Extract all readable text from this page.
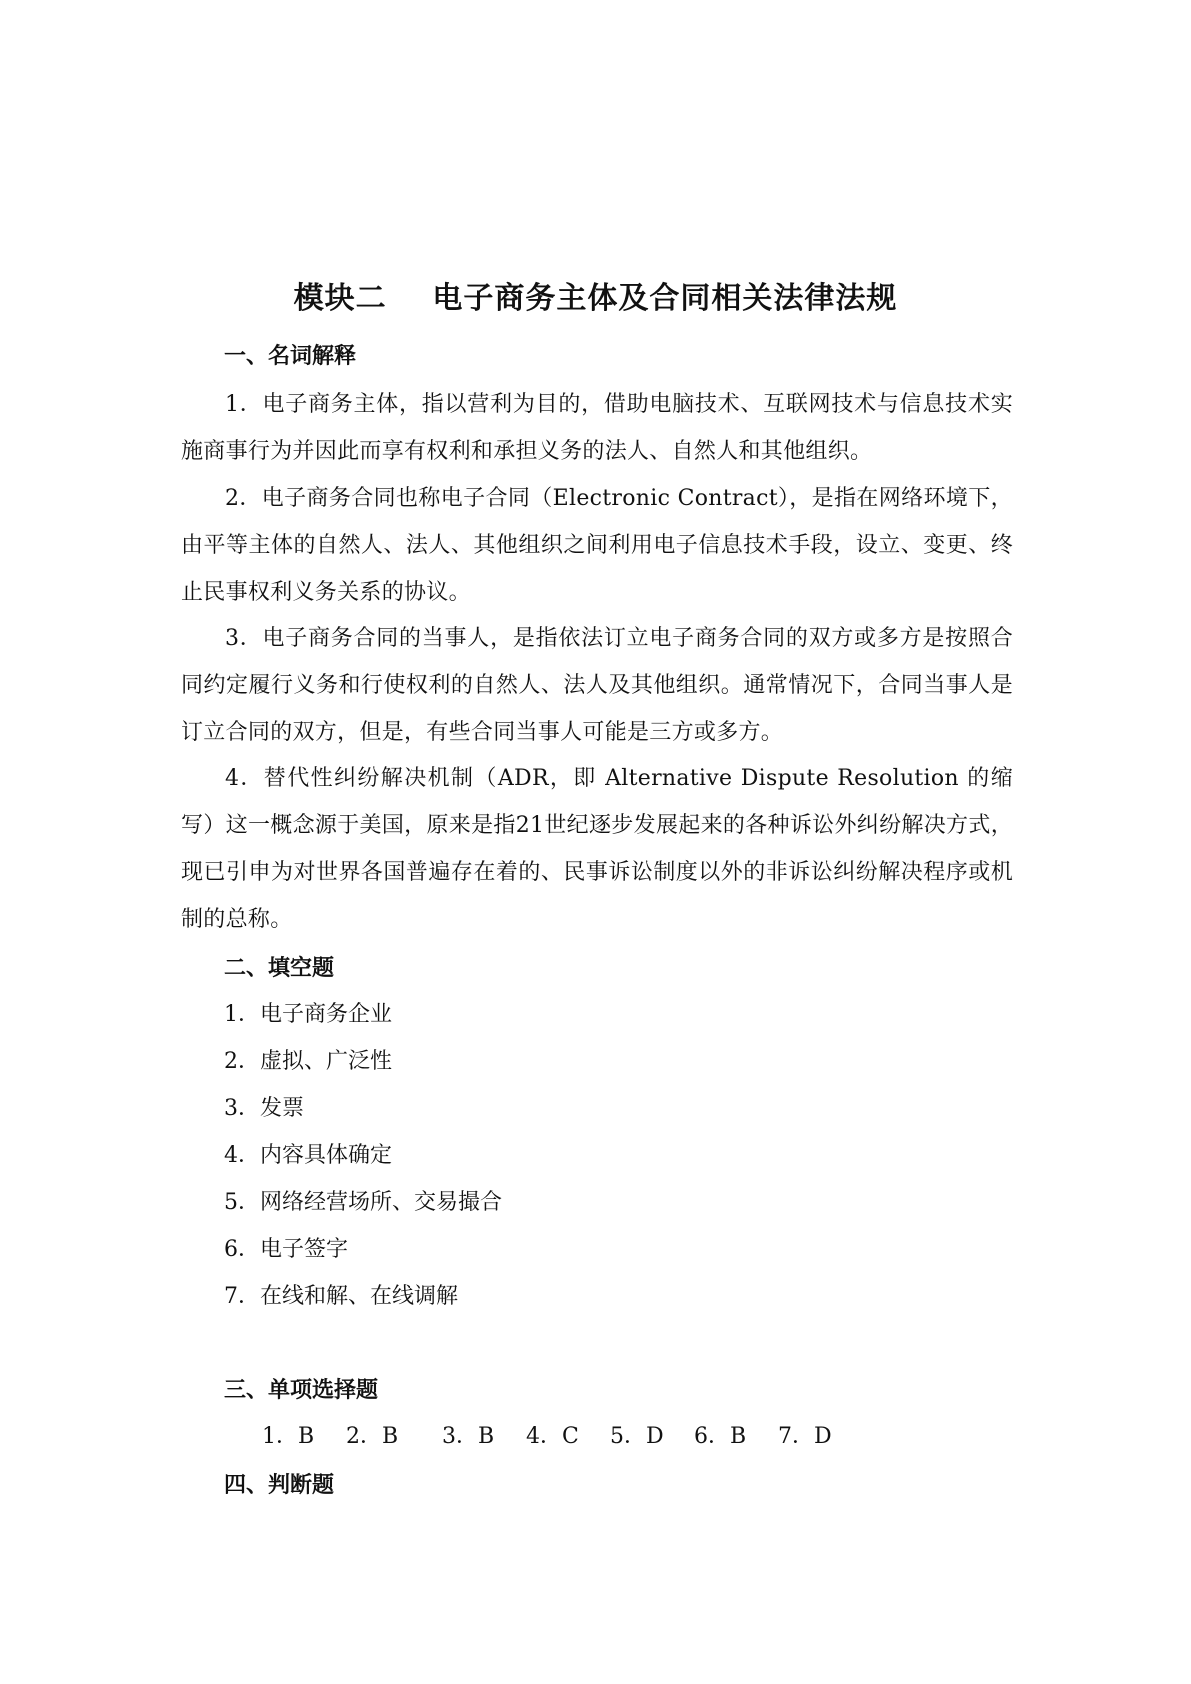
模块二    电子商务主体及合同相关法律法规
一、名词解释
1．电子商务主体，指以营利为目的，借助电脑技术、互联网技术与信息技术实施商事行为并因此而享有权利和承担义务的法人、自然人和其他组织。
2．电子商务合同也称电子合同（Electronic Contract），是指在网络环境下，由平等主体的自然人、法人、其他组织之间利用电子信息技术手段，设立、变更、终止民事权利义务关系的协议。
3．电子商务合同的当事人，是指依法订立电子商务合同的双方或多方是按照合同约定履行义务和行使权利的自然人、法人及其他组织。通常情况下，合同当事人是订立合同的双方，但是，有些合同当事人可能是三方或多方。
4．替代性纠纷解决机制（ADR，即 Alternative Dispute Resolution 的缩写）这一概念源于美国，原来是指21世纪逐步发展起来的各种诉讼外纠纷解决方式，现已引申为对世界各国普遍存在着的、民事诉讼制度以外的非诉讼纠纷解决程序或机制的总称。
二、填空题
1．电子商务企业
2．虚拟、广泛性
3．发票
4．内容具体确定
5．网络经营场所、交易撮合
6．电子签字
7．在线和解、在线调解
三、单项选择题
1．B	2．B	3．B	4．C	5．D	6．B	7．D
四、判断题
